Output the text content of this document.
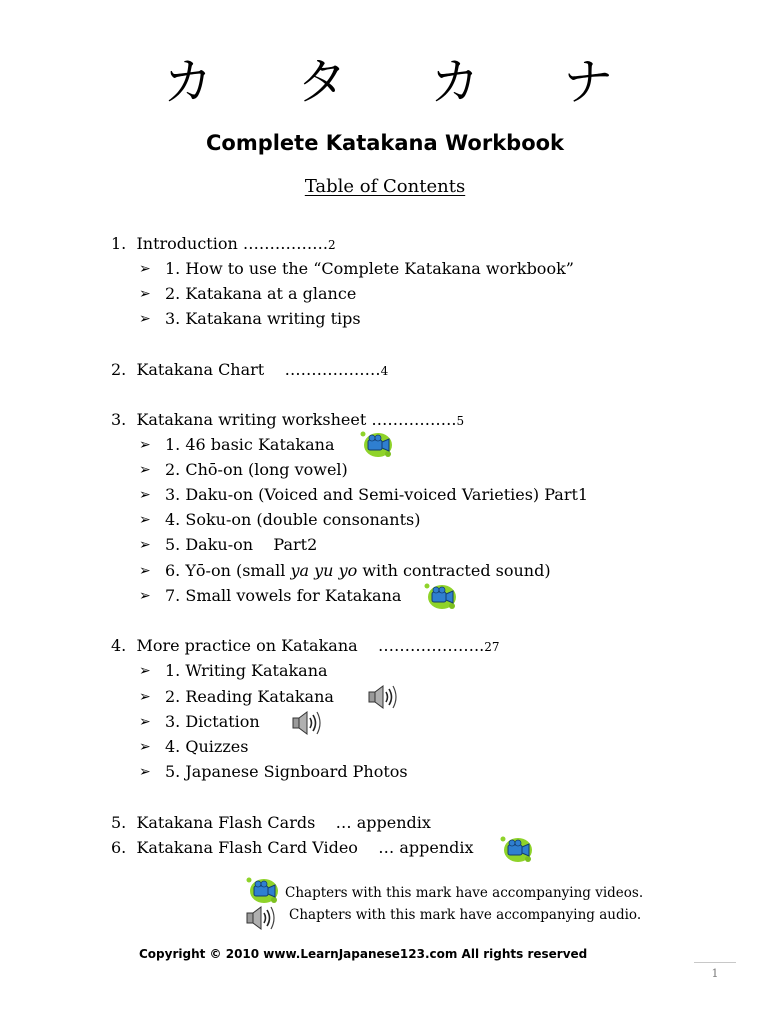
カ タ カ ナ
Complete Katakana Workbook
Table of Contents
1. Introduction …………….2
➢ 1. How to use the “Complete Katakana workbook”
➢ 2. Katakana at a glance
➢ 3. Katakana writing tips
2. Katakana Chart ………………4
3. Katakana writing worksheet …………….5
➢ 1. 46 basic Katakana
➢ 2. Chō-on (long vowel)
➢ 3. Daku-on (Voiced and Semi-voiced Varieties) Part1
➢ 4. Soku-on (double consonants)
➢ 5. Daku-on    Part2
➢ 6. Yō-on (small ya yu yo with contracted sound)
➢ 7. Small vowels for Katakana
4. More practice on Katakana ………………..27
➢ 1. Writing Katakana
➢ 2. Reading Katakana
➢ 3. Dictation
➢ 4. Quizzes
➢ 5. Japanese Signboard Photos
5. Katakana Flash Cards … appendix
6. Katakana Flash Card Video … appendix
Chapters with this mark have accompanying videos.
Chapters with this mark have accompanying audio.
Copyright © 2010 www.LearnJapanese123.com All rights reserved
1
